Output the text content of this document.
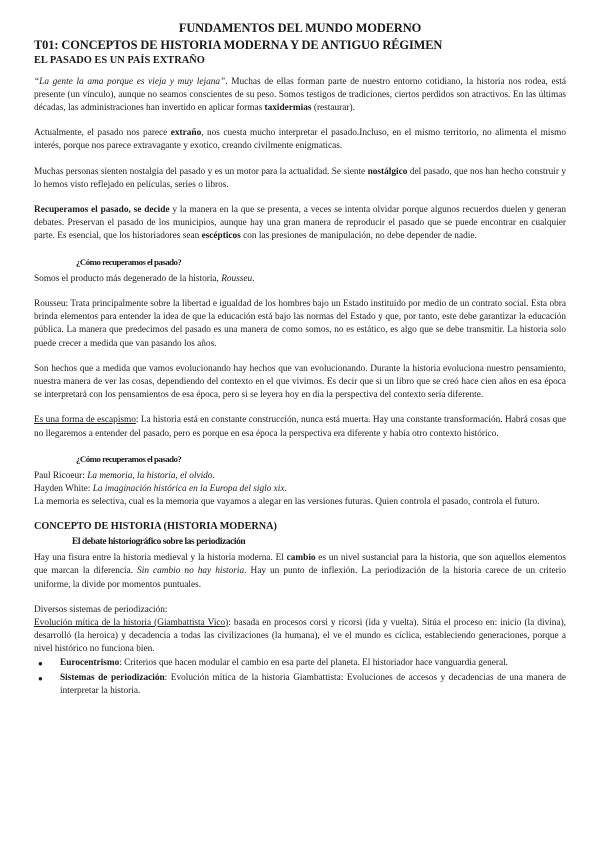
FUNDAMENTOS DEL MUNDO MODERNO
T01: CONCEPTOS DE HISTORIA MODERNA Y DE ANTIGUO RÉGIMEN
EL PASADO ES UN PAÍS EXTRAÑO

“La gente la ama porque es vieja y muy lejana”. Muchas de ellas forman parte de nuestro entorno cotidiano, la historia nos rodea, está presente (un vínculo), aunque no seamos conscientes de su peso. Somos testigos de tradiciones, ciertos perdidos son atractivos. En las últimas décadas, las administraciones han invertido en aplicar formas taxidermias (restaurar).

Actualmente, el pasado nos parece extraño, nos cuesta mucho interpretar el pasado.Incluso, en el mismo territorio, no alimenta el mismo interés, porque nos parece extravagante y exotico, creando civilmente enigmaticas.

Muchas personas sienten nostalgia del pasado y es un motor para la actualidad. Se siente nostálgico del pasado, que nos han hecho construir y lo hemos visto reflejado en películas, series o libros.

Recuperamos el pasado, se decide y la manera en la que se presenta, a veces se intenta olvidar porque algunos recuerdos duelen y generan debates. Preservan el pasado de los municipios, aunque hay una gran manera de reproducir el pasado que se puede encontrar en cualquier parte. Es esencial, que los historiadores sean escépticos con las presiones de manipulación, no debe depender de nadie.

¿Cómo recuperamos el pasado?

Somos el producto más degenerado de la historia, Rousseu.

Rousseu: Trata principalmente sobre la libertad e igualdad de los hombres bajo un Estado instituido por medio de un contrato social. Esta obra brinda elementos para entender la idea de que la educación está bajo las normas del Estado y que, por tanto, este debe garantizar la educación pública. La manera que predecimos del pasado es una manera de como somos, no es estático, es algo que se debe transmitir. La historia solo puede crecer a medida que van pasando los años.

Son hechos que a medida que vamos evolucionando hay hechos que van evolucionando. Durante la historia evoluciona nuestro pensamiento, nuestra manera de ver las cosas, dependiendo del contexto en el que vivimos. Es decir que si un libro que se creó hace cien años en esa época se interpretará con los pensamientos de esa época, pero si se leyera hoy en día la perspectiva del contexto sería diferente.

Es una forma de escapismo: La historia está en constante construcción, nunca está muerta. Hay una constante transformación. Habrá cosas que no llegaremos a entender del pasado, pero es porque en esa época la perspectiva era diferente y había otro contexto histórico.

¿Cómo recuperamos el pasado?

Paul Ricoeur: La memoria, la historia, el olvido.

Hayden White: La imaginación histórica en la Europa del siglo xix.

La memoria es selectiva, cual es la memoria que vayamos a alegar en las versiones futuras. Quien controla el pasado, controla el futuro.

CONCEPTO DE HISTORIA (HISTORIA MODERNA)
El debate historiográfico sobre las periodización

Hay una fisura entre la historia medieval y la historia moderna. El cambio es un nivel sustancial para la historia, que son aquellos elementos que marcan la diferencia. Sin cambio no hay historia. Hay un punto de inflexión. La periodización de la historia carece de un criterio uniforme, la divide por momentos puntuales.

Diversos sistemas de periodización:

Evolución mítica de la historia (Giambattista Vico): basada en procesos corsi y ricorsi (ida y vuelta). Sitúa el proceso en: inicio (la divina), desarrolló (la heroica) y decadencia a todas las civilizaciones (la humana), el ve el mundo es cíclica, estableciendo generaciones, porque a nivel histórico no funciona bien.

● Eurocentrismo: Criterios que hacen modular el cambio en esa parte del planeta. El historiador hace vanguardia general.
● Sistemas de periodización: Evolución mítica de la historia Giambattista: Evoluciones de accesos y decadencias de una manera de interpretar la historia.
